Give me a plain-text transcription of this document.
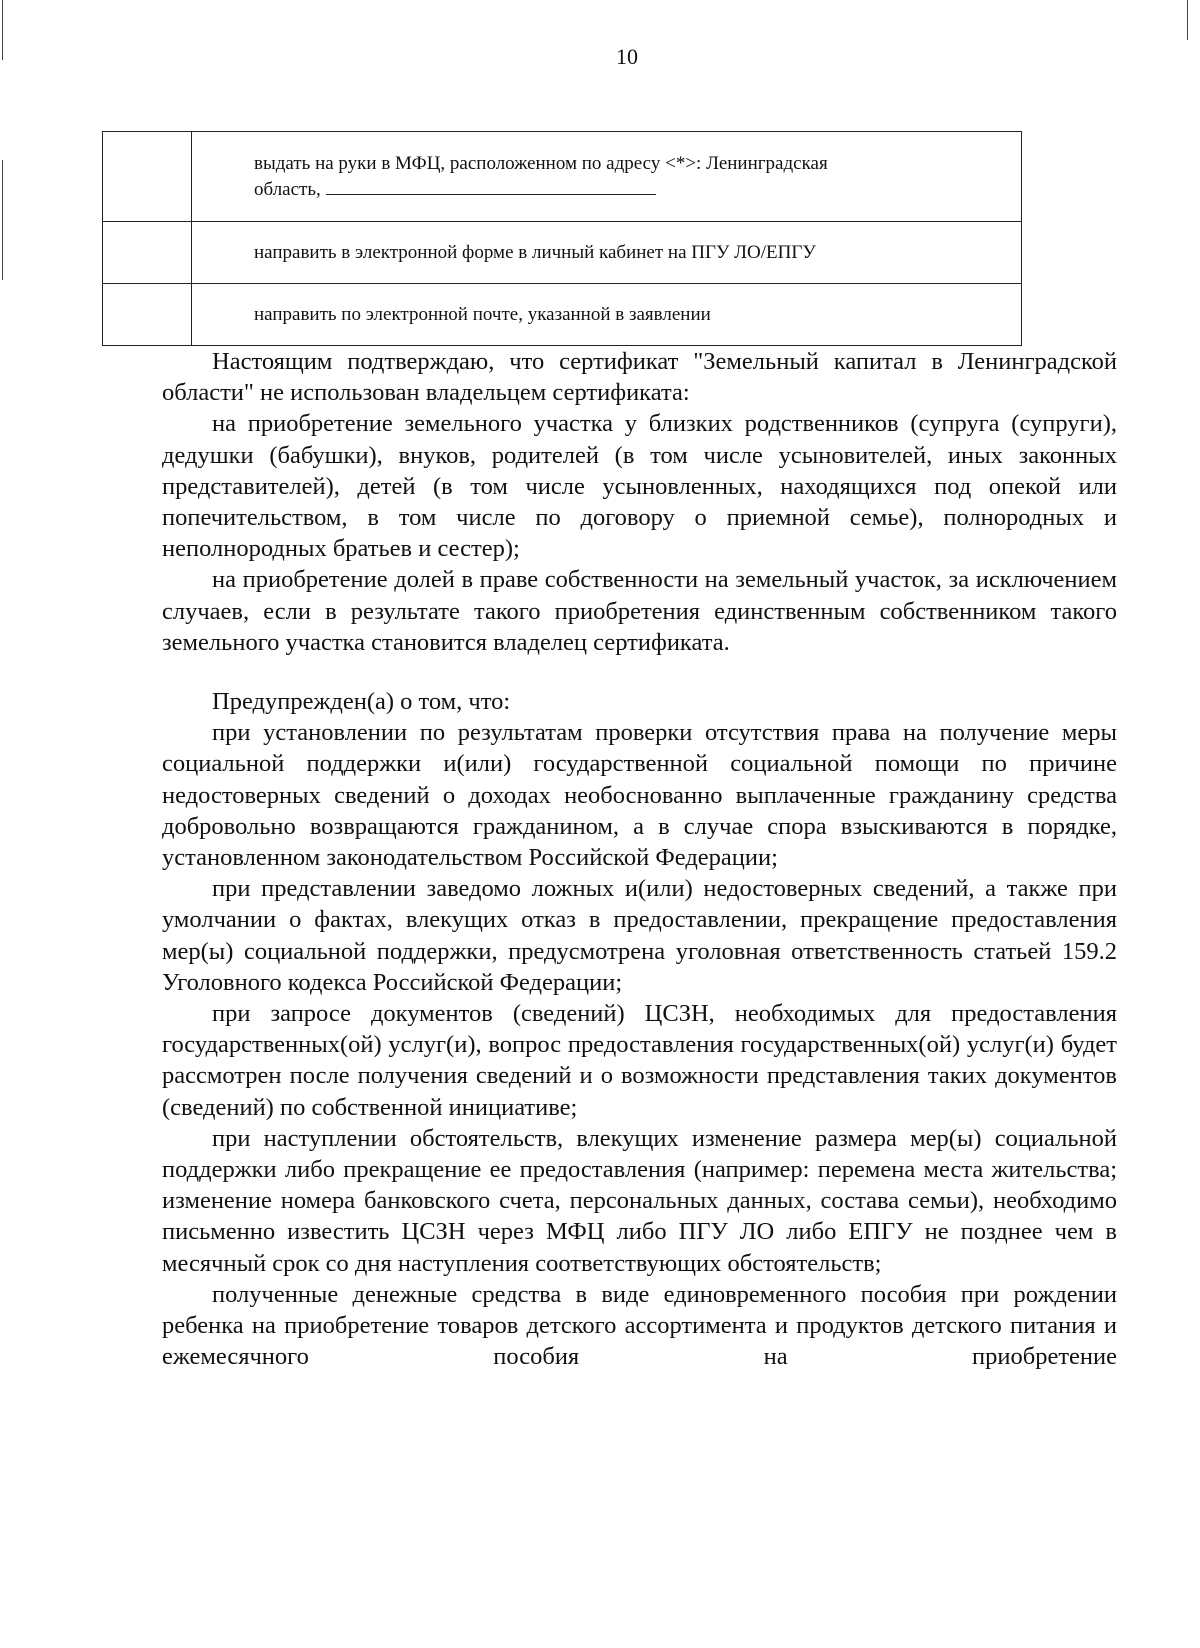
10
	выдать на руки в МФЦ, расположенном по адресу <*>: Ленинградская
область,
	направить в электронной форме в личный кабинет на ПГУ ЛО/ЕПГУ
	направить по электронной почте, указанной в заявлении

Настоящим подтверждаю, что сертификат "Земельный капитал в Ленинградской области" не использован владельцем сертификата:

на приобретение земельного участка у близких родственников (супруга (супруги), дедушки (бабушки), внуков, родителей (в том числе усыновителей, иных законных представителей), детей (в том числе усыновленных, находящихся под опекой или попечительством, в том числе по договору о приемной семье), полнородных и неполнородных братьев и сестер);

на приобретение долей в праве собственности на земельный участок, за исключением случаев, если в результате такого приобретения единственным собственником такого земельного участка становится владелец сертификата.

Предупрежден(а) о том, что:

при установлении по результатам проверки отсутствия права на получение меры социальной поддержки и(или) государственной социальной помощи по причине недостоверных сведений о доходах необоснованно выплаченные гражданину средства добровольно возвращаются гражданином, а в случае спора взыскиваются в порядке, установленном законодательством Российской Федерации;

при представлении заведомо ложных и(или) недостоверных сведений, а также при умолчании о фактах, влекущих отказ в предоставлении, прекращение предоставления мер(ы) социальной поддержки, предусмотрена уголовная ответственность статьей 159.2 Уголовного кодекса Российской Федерации;

при запросе документов (сведений) ЦСЗН, необходимых для предоставления государственных(ой) услуг(и), вопрос предоставления государственных(ой) услуг(и) будет рассмотрен после получения сведений и о возможности представления таких документов (сведений) по собственной инициативе;

при наступлении обстоятельств, влекущих изменение размера мер(ы) социальной поддержки либо прекращение ее предоставления (например: перемена места жительства; изменение номера банковского счета, персональных данных, состава семьи), необходимо письменно известить ЦСЗН через МФЦ либо ПГУ ЛО либо ЕПГУ не позднее чем в месячный срок со дня наступления соответствующих обстоятельств;

полученные денежные средства в виде единовременного пособия при рождении ребенка на приобретение товаров детского ассортимента и продуктов детского питания и ежемесячного пособия на приобретение
